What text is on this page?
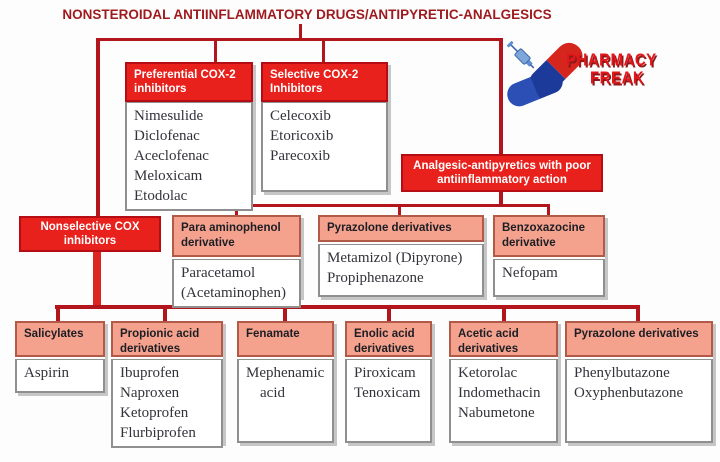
NONSTEROIDAL ANTIINFLAMMATORY DRUGS/ANTIPYRETIC-ANALGESICS
PHARMACY
FREAK
Preferential COX-2 inhibitors
Nimesulide
Diclofenac
Aceclofenac
Meloxicam
Etodolac
Selective COX-2 Inhibitors
Celecoxib
Etoricoxib
Parecoxib
Analgesic-antipyretics with poor antiinflammatory action
Nonselective COX inhibitors
Para aminophenol derivative
Paracetamol (Acetaminophen)
Pyrazolone derivatives
Metamizol (Dipyrone)
Propiphenazone
Benzoxazocine derivative
Nefopam
Salicylates
Aspirin
Propionic acid derivatives
Ibuprofen
Naproxen
Ketoprofen
Flurbiprofen
Fenamate
Mephenamic acid
Enolic acid derivatives
Piroxicam
Tenoxicam
Acetic acid derivatives
Ketorolac
Indomethacin
Nabumetone
Pyrazolone derivatives
Phenylbutazone
Oxyphenbutazone
